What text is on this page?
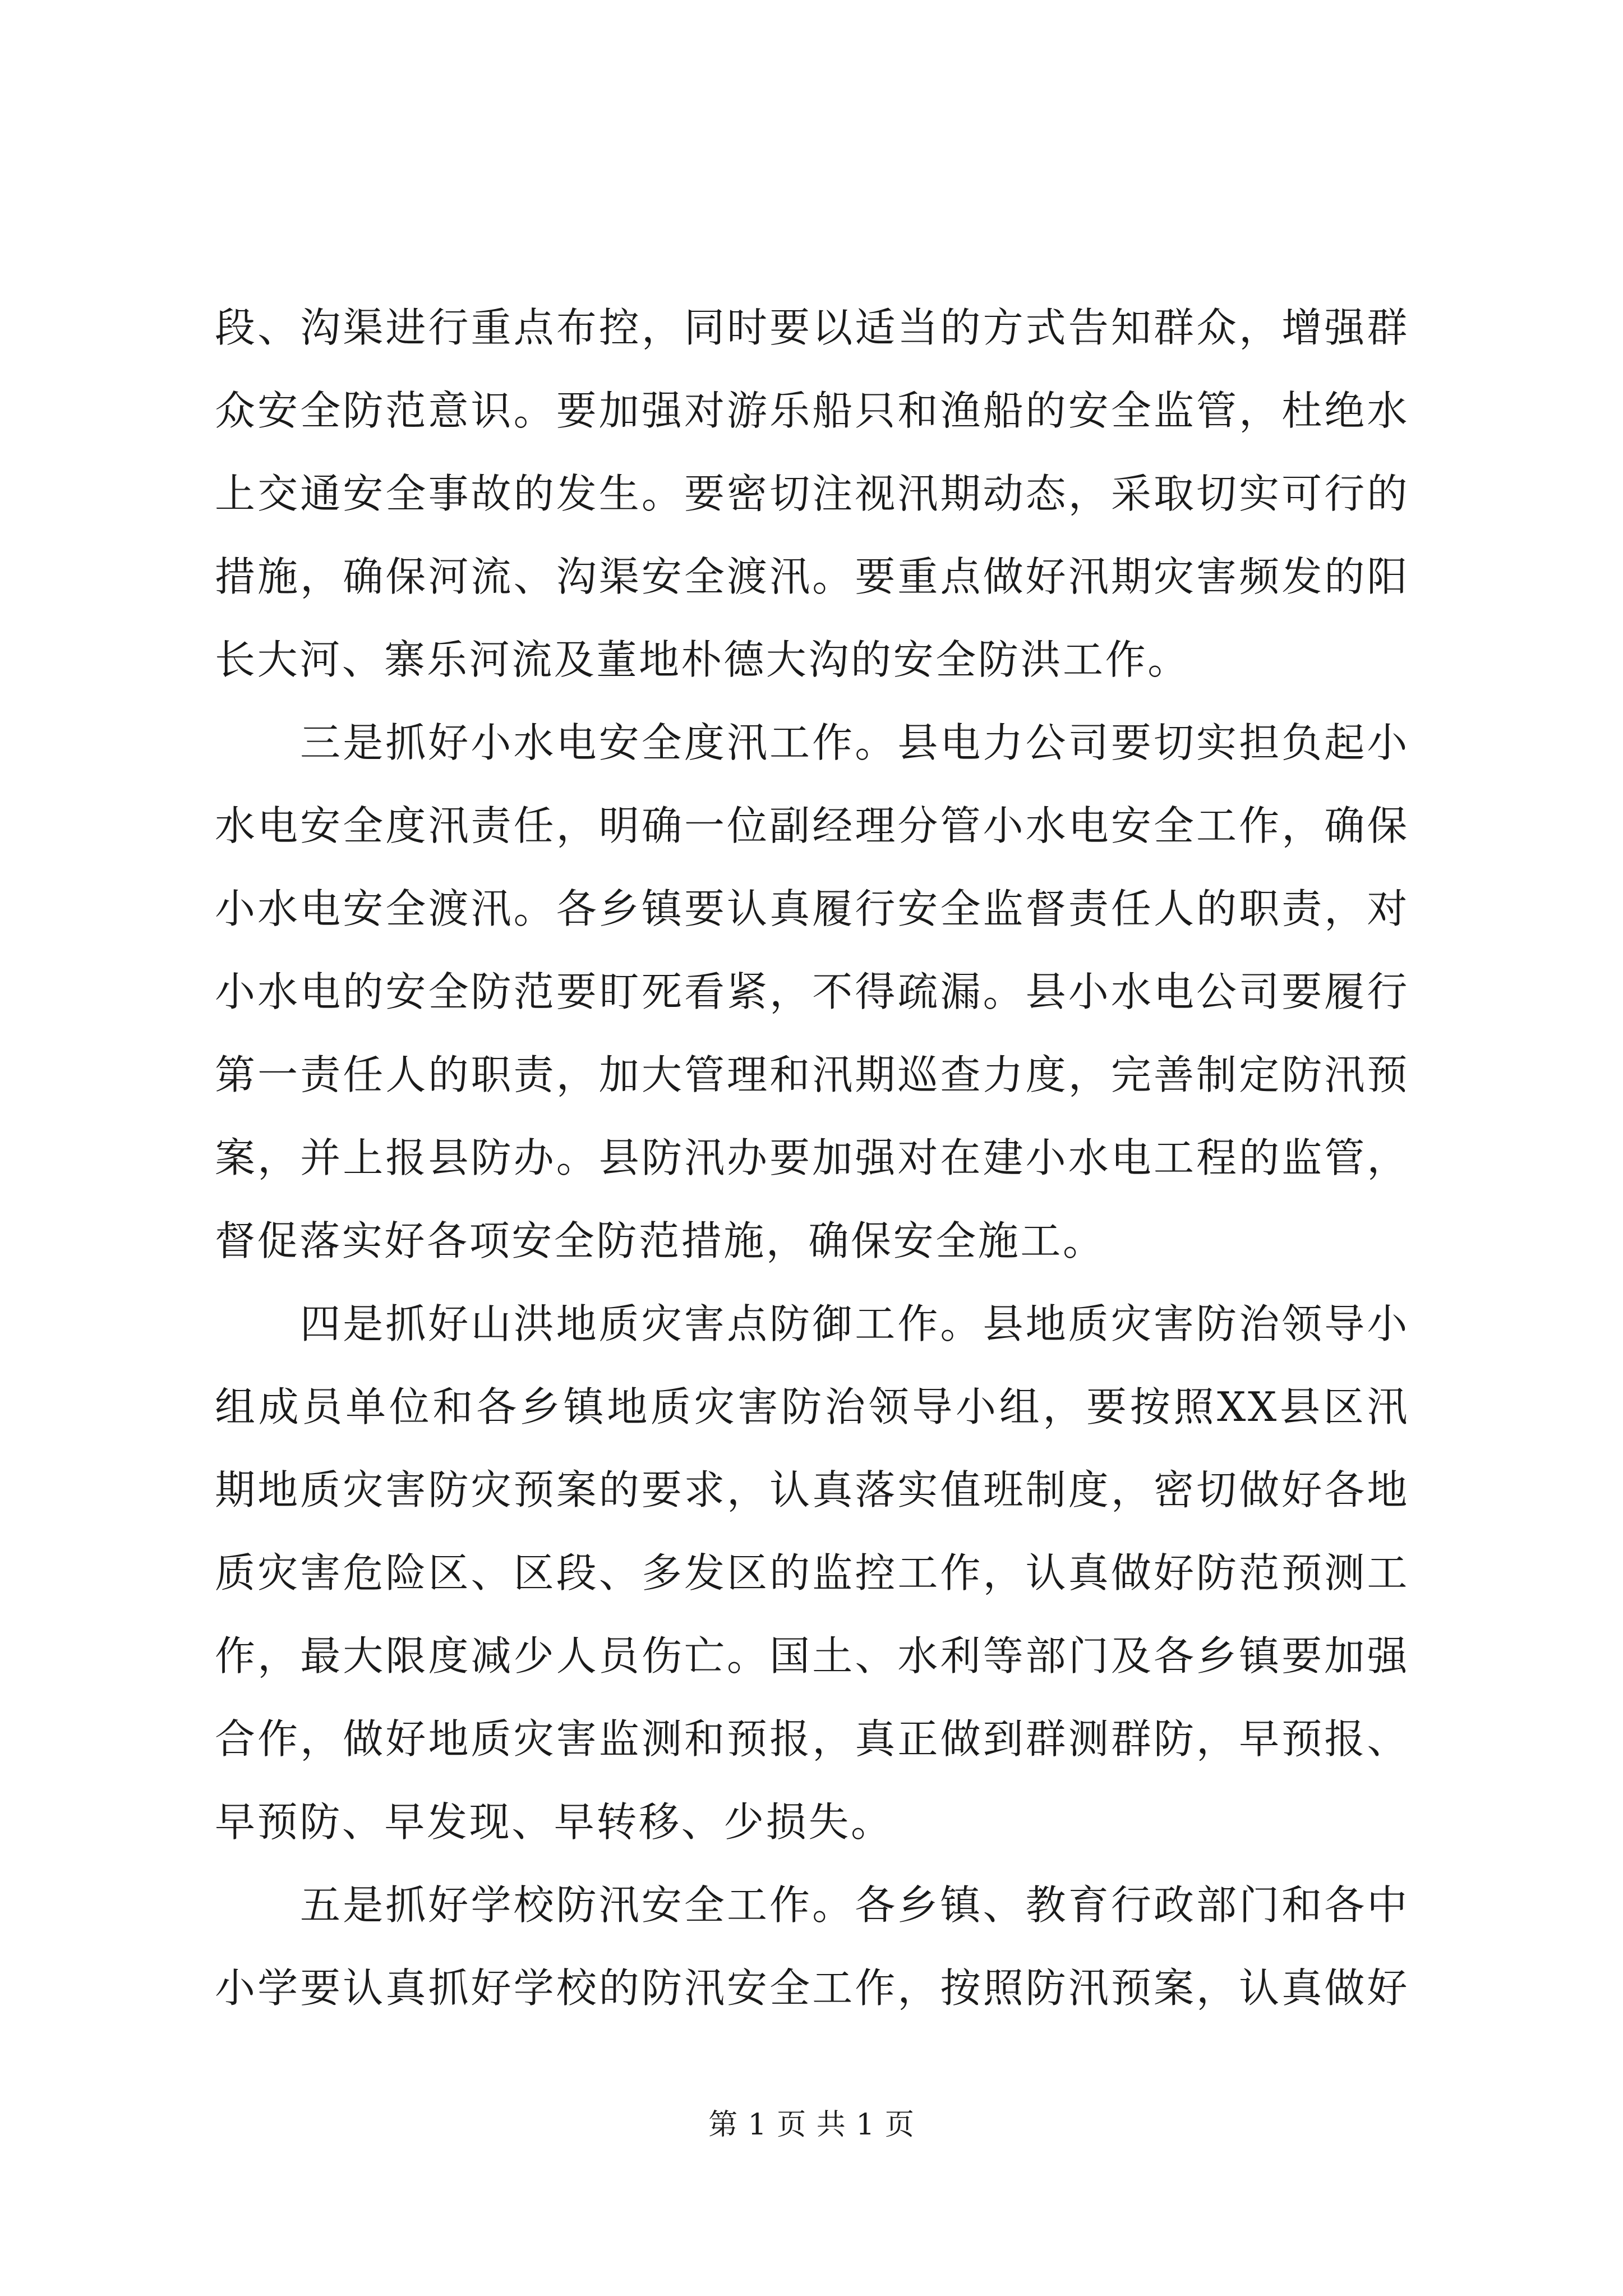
段、沟渠进行重点布控，同时要以适当的方式告知群众，增强群
众安全防范意识。要加强对游乐船只和渔船的安全监管，杜绝水
上交通安全事故的发生。要密切注视汛期动态，采取切实可行的
措施，确保河流、沟渠安全渡汛。要重点做好汛期灾害频发的阳
长大河、寨乐河流及董地朴德大沟的安全防洪工作。
三是抓好小水电安全度汛工作。县电力公司要切实担负起小
水电安全度汛责任，明确一位副经理分管小水电安全工作，确保
小水电安全渡汛。各乡镇要认真履行安全监督责任人的职责，对
小水电的安全防范要盯死看紧，不得疏漏。县小水电公司要履行
第一责任人的职责，加大管理和汛期巡查力度，完善制定防汛预
案，并上报县防办。县防汛办要加强对在建小水电工程的监管，
督促落实好各项安全防范措施，确保安全施工。
四是抓好山洪地质灾害点防御工作。县地质灾害防治领导小
组成员单位和各乡镇地质灾害防治领导小组，要按照XX县区汛
期地质灾害防灾预案的要求，认真落实值班制度，密切做好各地
质灾害危险区、区段、多发区的监控工作，认真做好防范预测工
作，最大限度减少人员伤亡。国土、水利等部门及各乡镇要加强
合作，做好地质灾害监测和预报，真正做到群测群防，早预报、
早预防、早发现、早转移、少损失。
五是抓好学校防汛安全工作。各乡镇、教育行政部门和各中
小学要认真抓好学校的防汛安全工作，按照防汛预案，认真做好
第 1 页 共 1 页
